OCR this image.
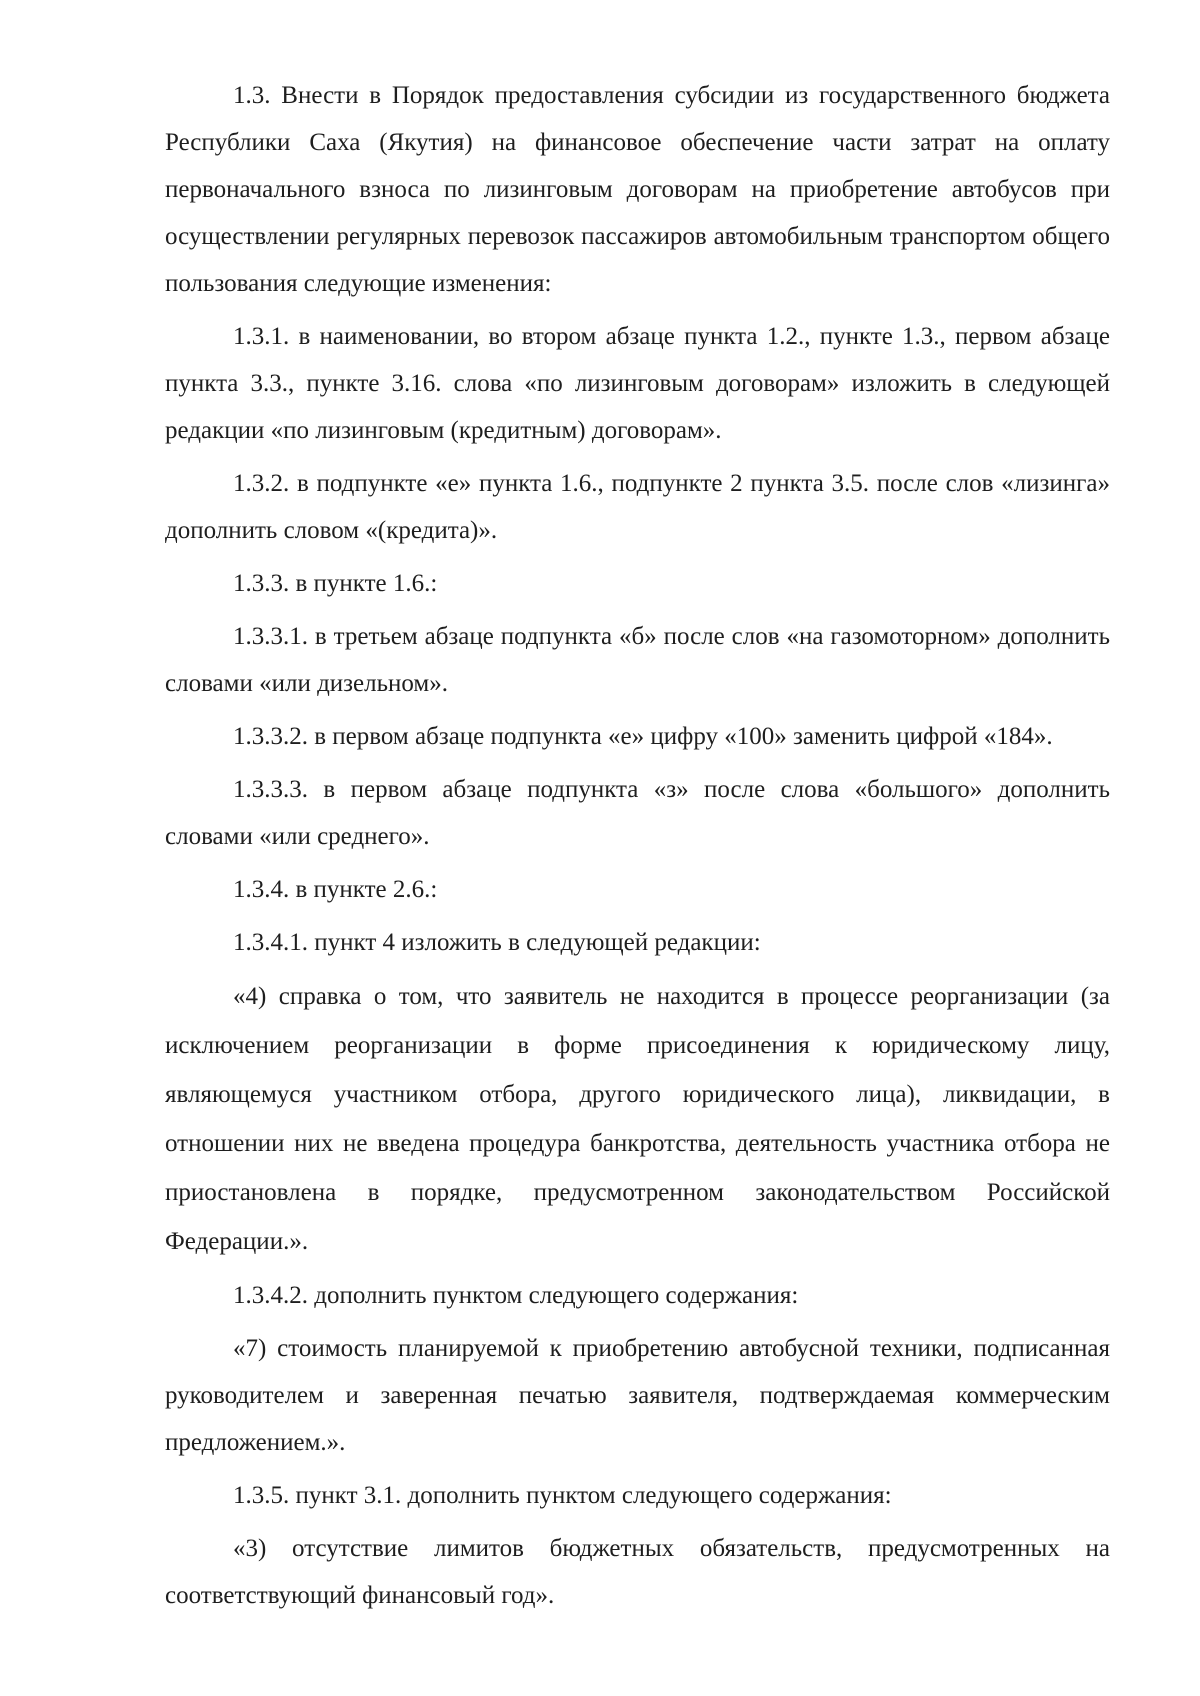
1.3. Внести в Порядок предоставления субсидии из государственного бюджета Республики Саха (Якутия) на финансовое обеспечение части затрат на оплату первоначального взноса по лизинговым договорам на приобретение автобусов при осуществлении регулярных перевозок пассажиров автомобильным транспортом общего пользования следующие изменения:

1.3.1. в наименовании, во втором абзаце пункта 1.2., пункте 1.3., первом абзаце пункта 3.3., пункте 3.16. слова «по лизинговым договорам» изложить в следующей редакции «по лизинговым (кредитным) договорам».

1.3.2. в подпункте «е» пункта 1.6., подпункте 2 пункта 3.5. после слов «лизинга» дополнить словом «(кредита)».

1.3.3. в пункте 1.6.:

1.3.3.1. в третьем абзаце подпункта «б» после слов «на газомоторном» дополнить словами «или дизельном».

1.3.3.2. в первом абзаце подпункта «е» цифру «100» заменить цифрой «184».

1.3.3.3. в первом абзаце подпункта «з» после слова «большого» дополнить словами «или среднего».

1.3.4. в пункте 2.6.:

1.3.4.1. пункт 4 изложить в следующей редакции:

«4) справка о том, что заявитель не находится в процессе реорганизации (за исключением реорганизации в форме присоединения к юридическому лицу, являющемуся участником отбора, другого юридического лица), ликвидации, в отношении них не введена процедура банкротства, деятельность участника отбора не приостановлена в порядке, предусмотренном законодательством Российской Федерации.».

1.3.4.2. дополнить пунктом следующего содержания:

«7) стоимость планируемой к приобретению автобусной техники, подписанная руководителем и заверенная печатью заявителя, подтверждаемая коммерческим предложением.».

1.3.5. пункт 3.1. дополнить пунктом следующего содержания:

«3) отсутствие лимитов бюджетных обязательств, предусмотренных на соответствующий финансовый год».
